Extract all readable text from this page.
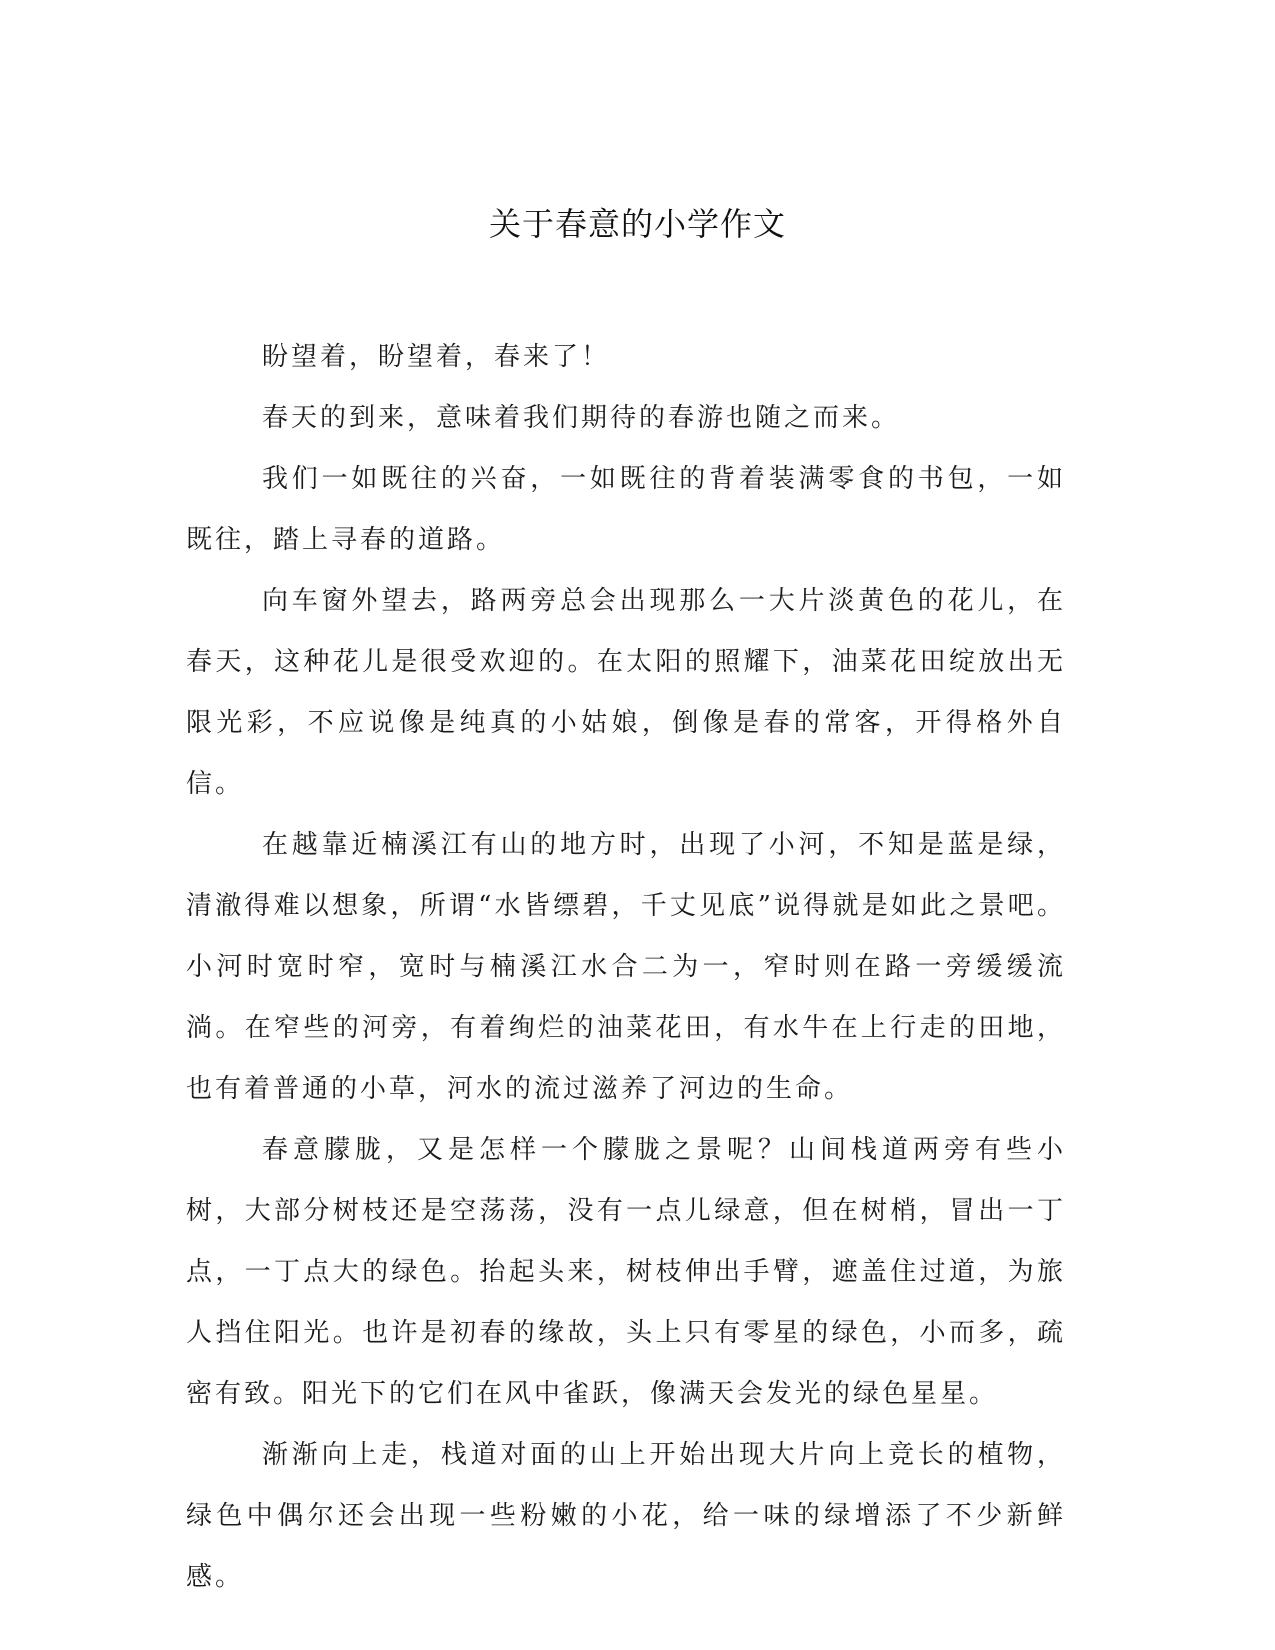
关于春意的小学作文

盼望着，盼望着，春来了！

春天的到来，意味着我们期待的春游也随之而来。

我们一如既往的兴奋，一如既往的背着装满零食的书包，一如既往，踏上寻春的道路。

向车窗外望去，路两旁总会出现那么一大片淡黄色的花儿，在春天，这种花儿是很受欢迎的。在太阳的照耀下，油菜花田绽放出无限光彩，不应说像是纯真的小姑娘，倒像是春的常客，开得格外自信。

在越靠近楠溪江有山的地方时，出现了小河，不知是蓝是绿，清澈得难以想象，所谓“水皆缥碧，千丈见底”说得就是如此之景吧。小河时宽时窄，宽时与楠溪江水合二为一，窄时则在路一旁缓缓流淌。在窄些的河旁，有着绚烂的油菜花田，有水牛在上行走的田地，也有着普通的小草，河水的流过滋养了河边的生命。

春意朦胧，又是怎样一个朦胧之景呢？山间栈道两旁有些小树，大部分树枝还是空荡荡，没有一点儿绿意，但在树梢，冒出一丁点，一丁点大的绿色。抬起头来，树枝伸出手臂，遮盖住过道，为旅人挡住阳光。也许是初春的缘故，头上只有零星的绿色，小而多，疏密有致。阳光下的它们在风中雀跃，像满天会发光的绿色星星。

渐渐向上走，栈道对面的山上开始出现大片向上竞长的植物，绿色中偶尔还会出现一些粉嫩的小花，给一味的绿增添了不少新鲜感。
